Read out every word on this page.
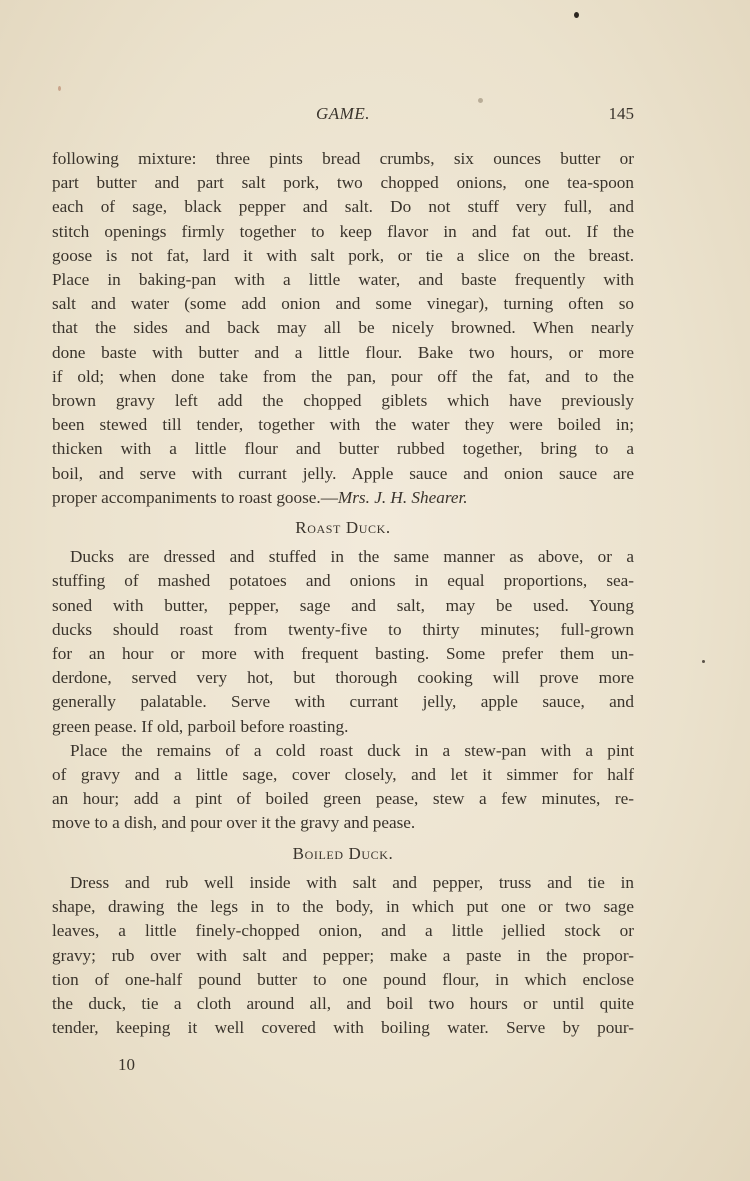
GAME.	145
following mixture: three pints bread crumbs, six ounces butter or
part butter and part salt pork, two chopped onions, one tea-spoon
each of sage, black pepper and salt. Do not stuff very full, and
stitch openings firmly together to keep flavor in and fat out. If the
goose is not fat, lard it with salt pork, or tie a slice on the breast.
Place in baking-pan with a little water, and baste frequently with
salt and water (some add onion and some vinegar), turning often so
that the sides and back may all be nicely browned. When nearly
done baste with butter and a little flour. Bake two hours, or more
if old; when done take from the pan, pour off the fat, and to the
brown gravy left add the chopped giblets which have previously
been stewed till tender, together with the water they were boiled in;
thicken with a little flour and butter rubbed together, bring to a
boil, and serve with currant jelly. Apple sauce and onion sauce are
proper accompaniments to roast goose.—Mrs. J. H. Shearer.
Roast Duck.
Ducks are dressed and stuffed in the same manner as above, or a
stuffing of mashed potatoes and onions in equal proportions, sea-
soned with butter, pepper, sage and salt, may be used. Young
ducks should roast from twenty-five to thirty minutes; full-grown
for an hour or more with frequent basting. Some prefer them un-
derdone, served very hot, but thorough cooking will prove more
generally palatable. Serve with currant jelly, apple sauce, and
green pease. If old, parboil before roasting.
Place the remains of a cold roast duck in a stew-pan with a pint
of gravy and a little sage, cover closely, and let it simmer for half
an hour; add a pint of boiled green pease, stew a few minutes, re-
move to a dish, and pour over it the gravy and pease.
Boiled Duck.
Dress and rub well inside with salt and pepper, truss and tie in
shape, drawing the legs in to the body, in which put one or two sage
leaves, a little finely-chopped onion, and a little jellied stock or
gravy; rub over with salt and pepper; make a paste in the propor-
tion of one-half pound butter to one pound flour, in which enclose
the duck, tie a cloth around all, and boil two hours or until quite
tender, keeping it well covered with boiling water. Serve by pour-
10
